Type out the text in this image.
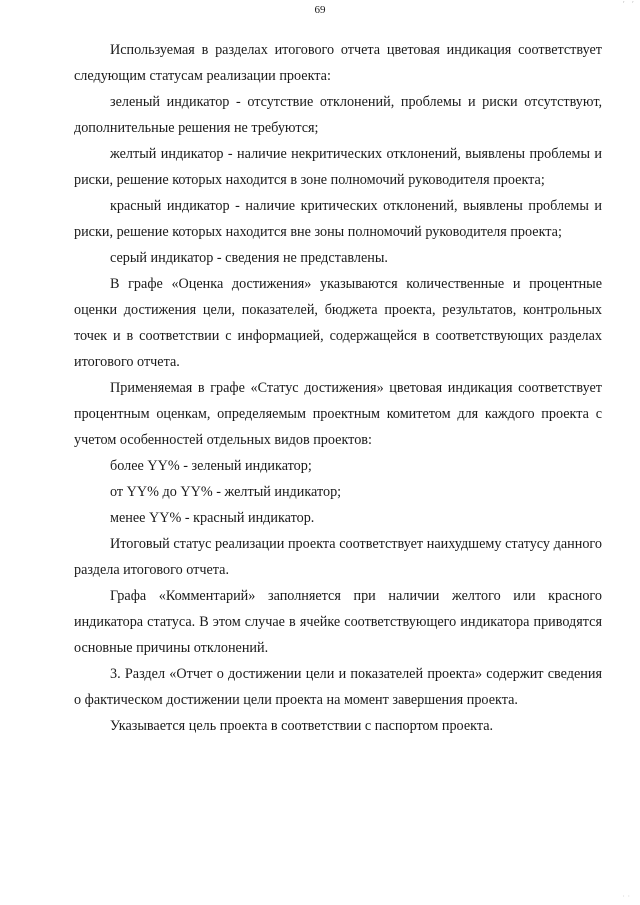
’ ’
69

Используемая в разделах итогового отчета цветовая индикация соответствует следующим статусам реализации проекта:

зеленый индикатор - отсутствие отклонений, проблемы и риски отсутствуют, дополнительные решения не требуются;

желтый индикатор - наличие некритических отклонений, выявлены проблемы и риски, решение которых находится в зоне полномочий руководителя проекта;

красный индикатор - наличие критических отклонений, выявлены проблемы и риски, решение которых находится вне зоны полномочий руководителя проекта;

серый индикатор - сведения не представлены.

В графе «Оценка достижения» указываются количественные и процентные оценки достижения цели, показателей, бюджета проекта, результатов, контрольных точек и в соответствии с информацией, содержащейся в соответствующих разделах итогового отчета.

Применяемая в графе «Статус достижения» цветовая индикация соответствует процентным оценкам, определяемым проектным комитетом для каждого проекта с учетом особенностей отдельных видов проектов:

более YY% - зеленый индикатор;

от YY% до YY% - желтый индикатор;

менее YY% - красный индикатор.

Итоговый статус реализации проекта соответствует наихудшему статусу данного раздела итогового отчета.

Графа «Комментарий» заполняется при наличии желтого или красного индикатора статуса. В этом случае в ячейке соответствующего индикатора приводятся основные причины отклонений.

3. Раздел «Отчет о достижении цели и показателей проекта» содержит сведения о фактическом достижении цели проекта на момент завершения проекта.

Указывается цель проекта в соответствии с паспортом проекта.

· ·
